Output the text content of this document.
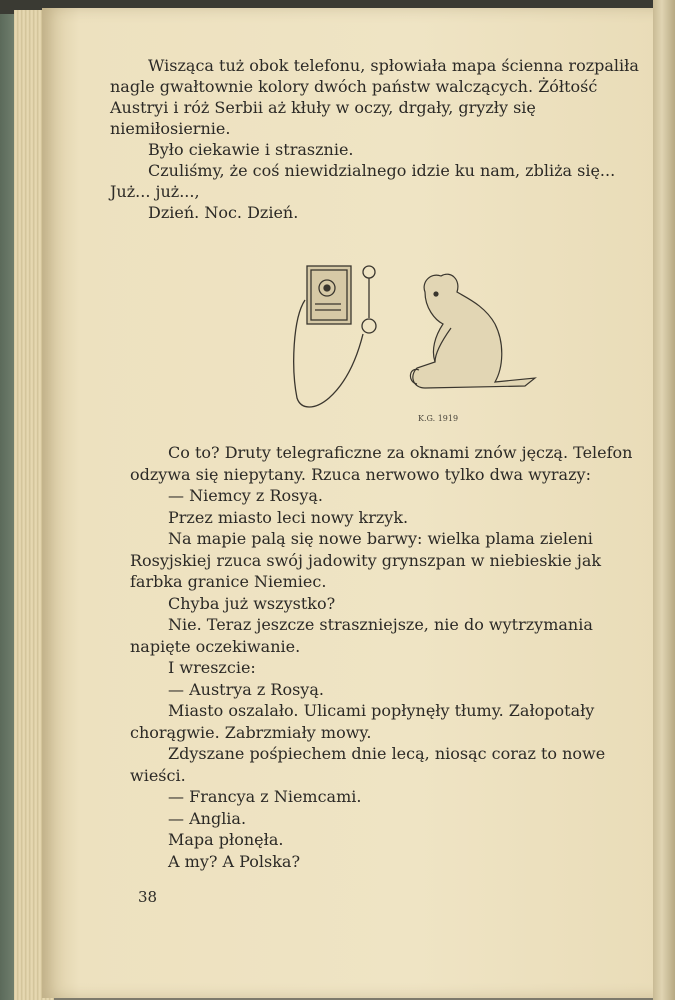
Wisząca tuż obok telefonu, spłowiała mapa ścienna rozpaliła nagle gwałtownie kolory dwóch państw walczących. Żółtość Austryi i róż Serbii aż kłuły w oczy, drgały, gryzły się niemiłosiernie.

Było ciekawie i strasznie.

Czuliśmy, że coś niewidzialnego idzie ku nam, zbliża się... Już... już...,

Dzień. Noc. Dzień.

K.G. 1919

Co to? Druty telegraficzne za oknami znów jęczą. Telefon odzywa się niepytany. Rzuca nerwowo tylko dwa wyrazy:

— Niemcy z Rosyą.

Przez miasto leci nowy krzyk.

Na mapie palą się nowe barwy: wielka plama zieleni Rosyjskiej rzuca swój jadowity grynszpan w niebieskie jak farbka granice Niemiec.

Chyba już wszystko?

Nie. Teraz jeszcze straszniejsze, nie do wytrzymania napięte oczekiwanie.

I wreszcie:

— Austrya z Rosyą.

Miasto oszalało. Ulicami popłynęły tłumy. Załopotały chorągwie. Zabrzmiały mowy.

Zdyszane pośpiechem dnie lecą, niosąc coraz to nowe wieści.

— Francya z Niemcami.

— Anglia.

Mapa płonęła.

A my? A Polska?

38
